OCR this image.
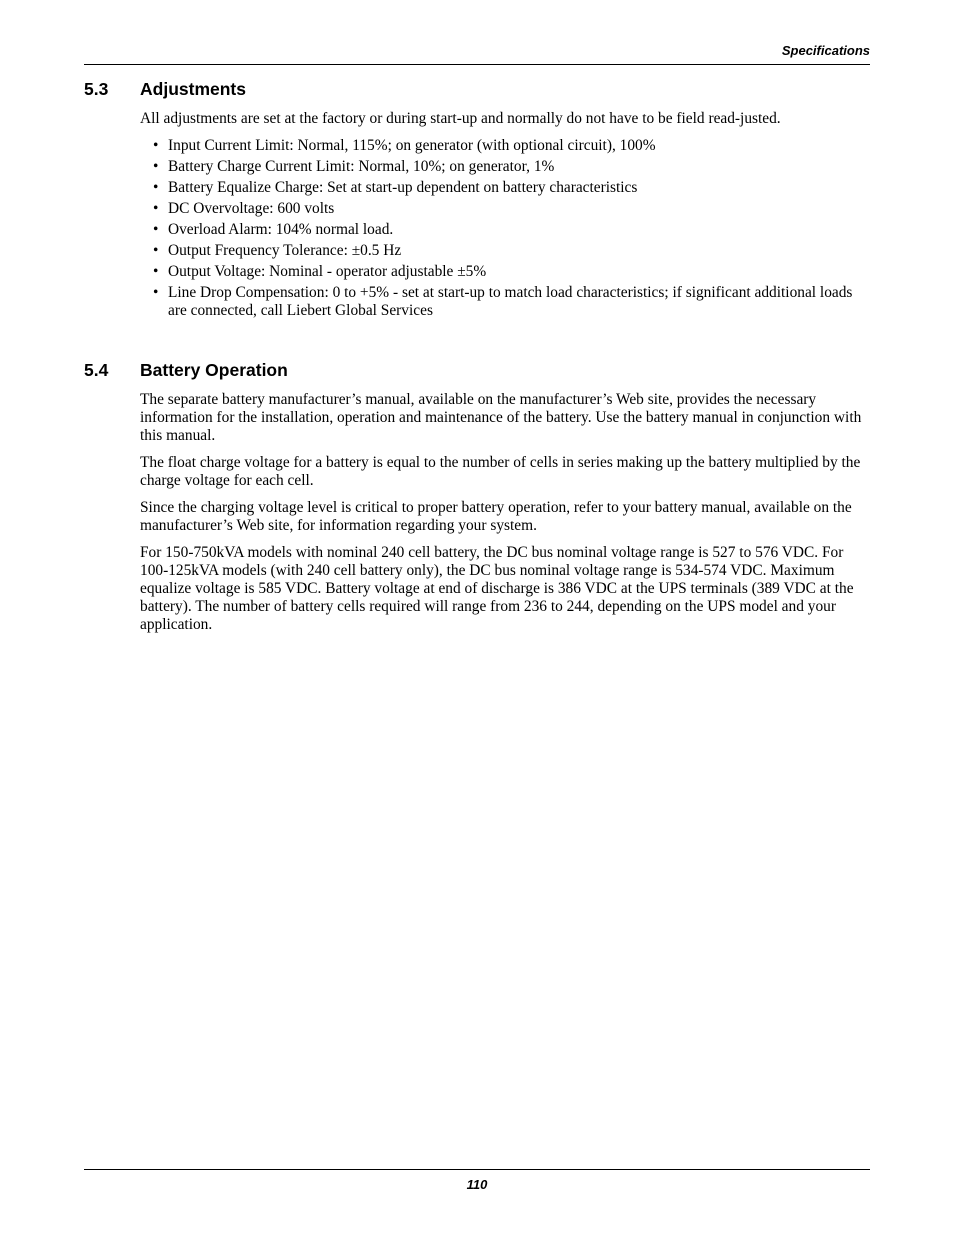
Specifications
5.3 Adjustments

All adjustments are set at the factory or during start-up and normally do not have to be field read-justed.

• Input Current Limit: Normal, 115%; on generator (with optional circuit), 100%
• Battery Charge Current Limit: Normal, 10%; on generator, 1%
• Battery Equalize Charge: Set at start-up dependent on battery characteristics
• DC Overvoltage: 600 volts
• Overload Alarm: 104% normal load.
• Output Frequency Tolerance: ±0.5 Hz
• Output Voltage: Nominal - operator adjustable ±5%
• Line Drop Compensation: 0 to +5% - set at start-up to match load characteristics; if significant additional loads are connected, call Liebert Global Services
5.4 Battery Operation

The separate battery manufacturer’s manual, available on the manufacturer’s Web site, provides the necessary information for the installation, operation and maintenance of the battery. Use the battery manual in conjunction with this manual.

The float charge voltage for a battery is equal to the number of cells in series making up the battery multiplied by the charge voltage for each cell.

Since the charging voltage level is critical to proper battery operation, refer to your battery manual, available on the manufacturer’s Web site, for information regarding your system.

For 150-750kVA models with nominal 240 cell battery, the DC bus nominal voltage range is 527 to 576 VDC. For 100-125kVA models (with 240 cell battery only), the DC bus nominal voltage range is 534-574 VDC. Maximum equalize voltage is 585 VDC. Battery voltage at end of discharge is 386 VDC at the UPS terminals (389 VDC at the battery). The number of battery cells required will range from 236 to 244, depending on the UPS model and your application.

110
